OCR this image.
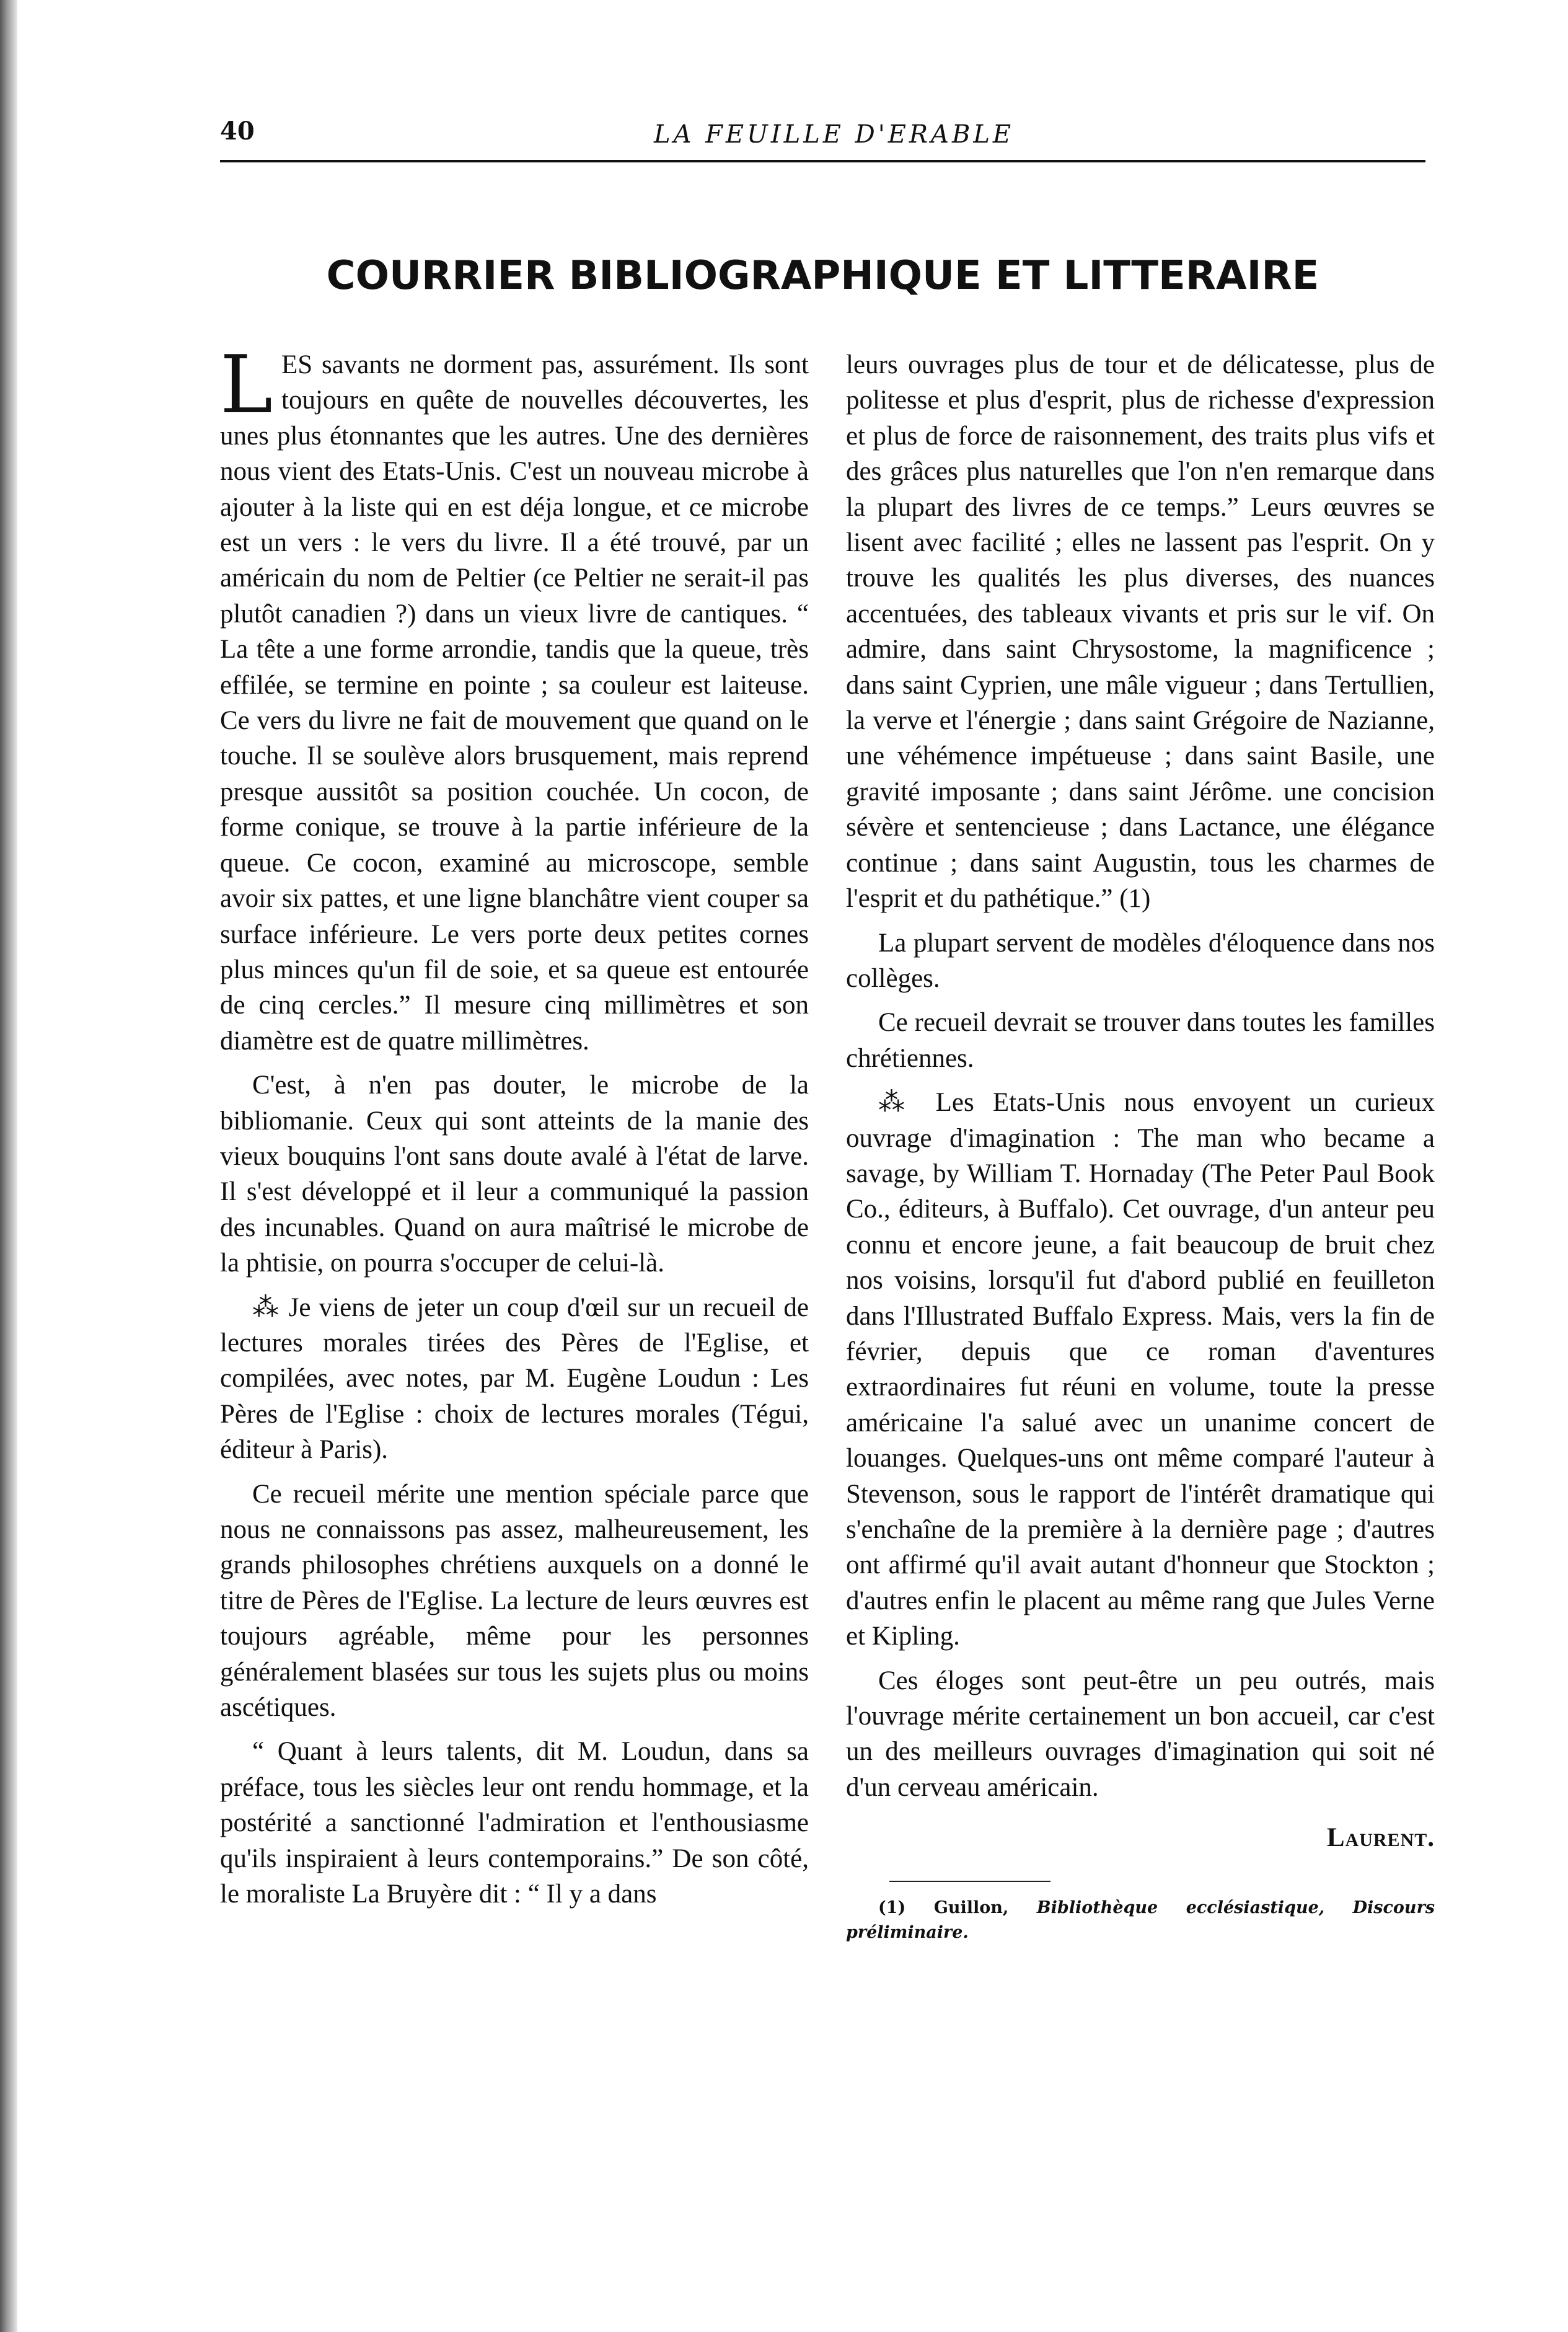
40	LA FEUILLE D'ERABLE
COURRIER BIBLIOGRAPHIQUE ET LITTERAIRE

LES savants ne dorment pas, assurément. Ils sont toujours en quête de nouvelles découvertes, les unes plus étonnantes que les autres. Une des dernières nous vient des Etats-Unis. C'est un nouveau microbe à ajouter à la liste qui en est déja longue, et ce microbe est un vers : le vers du livre. Il a été trouvé, par un américain du nom de Peltier (ce Peltier ne serait-il pas plutôt canadien ?) dans un vieux livre de cantiques. “ La tête a une forme arrondie, tandis que la queue, très effilée, se termine en pointe ; sa couleur est laiteuse. Ce vers du livre ne fait de mouvement que quand on le touche. Il se soulève alors brusquement, mais reprend presque aussitôt sa position couchée. Un cocon, de forme conique, se trouve à la partie inférieure de la queue. Ce cocon, examiné au microscope, semble avoir six pattes, et une ligne blanchâtre vient couper sa surface inférieure. Le vers porte deux petites cornes plus minces qu'un fil de soie, et sa queue est entourée de cinq cercles.” Il mesure cinq millimètres et son diamètre est de quatre millimètres.

C'est, à n'en pas douter, le microbe de la bibliomanie. Ceux qui sont atteints de la manie des vieux bouquins l'ont sans doute avalé à l'état de larve. Il s'est développé et il leur a communiqué la passion des incunables. Quand on aura maîtrisé le microbe de la phtisie, on pourra s'occuper de celui-là.

⁂ Je viens de jeter un coup d'œil sur un recueil de lectures morales tirées des Pères de l'Eglise, et compilées, avec notes, par M. Eugène Loudun : Les Pères de l'Eglise : choix de lectures morales (Tégui, éditeur à Paris).

Ce recueil mérite une mention spéciale parce que nous ne connaissons pas assez, malheureusement, les grands philosophes chrétiens auxquels on a donné le titre de Pères de l'Eglise. La lecture de leurs œuvres est toujours agréable, même pour les personnes généralement blasées sur tous les sujets plus ou moins ascétiques.

“ Quant à leurs talents, dit M. Loudun, dans sa préface, tous les siècles leur ont rendu hommage, et la postérité a sanctionné l'admiration et l'enthousiasme qu'ils inspiraient à leurs contemporains.” De son côté, le moraliste La Bruyère dit : “ Il y a dans

leurs ouvrages plus de tour et de délicatesse, plus de politesse et plus d'esprit, plus de richesse d'expression et plus de force de raisonnement, des traits plus vifs et des grâces plus naturelles que l'on n'en remarque dans la plupart des livres de ce temps.” Leurs œuvres se lisent avec facilité ; elles ne lassent pas l'esprit. On y trouve les qualités les plus diverses, des nuances accentuées, des tableaux vivants et pris sur le vif. On admire, dans saint Chrysostome, la magnificence ; dans saint Cyprien, une mâle vigueur ; dans Tertullien, la verve et l'énergie ; dans saint Grégoire de Nazianne, une véhémence impétueuse ; dans saint Basile, une gravité imposante ; dans saint Jérôme. une concision sévère et sentencieuse ; dans Lactance, une élégance continue ; dans saint Augustin, tous les charmes de l'esprit et du pathétique.” (1)

La plupart servent de modèles d'éloquence dans nos collèges.

Ce recueil devrait se trouver dans toutes les familles chrétiennes.

⁂ Les Etats-Unis nous envoyent un curieux ouvrage d'imagination : The man who became a savage, by William T. Hornaday (The Peter Paul Book Co., éditeurs, à Buffalo). Cet ouvrage, d'un anteur peu connu et encore jeune, a fait beaucoup de bruit chez nos voisins, lorsqu'il fut d'abord publié en feuilleton dans l'Illustrated Buffalo Express. Mais, vers la fin de février, depuis que ce roman d'aventures extraordinaires fut réuni en volume, toute la presse américaine l'a salué avec un unanime concert de louanges. Quelques-uns ont même comparé l'auteur à Stevenson, sous le rapport de l'intérêt dramatique qui s'enchaîne de la première à la dernière page ; d'autres ont affirmé qu'il avait autant d'honneur que Stockton ; d'autres enfin le placent au même rang que Jules Verne et Kipling.

Ces éloges sont peut-être un peu outrés, mais l'ouvrage mérite certainement un bon accueil, car c'est un des meilleurs ouvrages d'imagination qui soit né d'un cerveau américain.

Laurent.
(1) Guillon, Bibliothèque ecclésiastique, Discours préliminaire.
